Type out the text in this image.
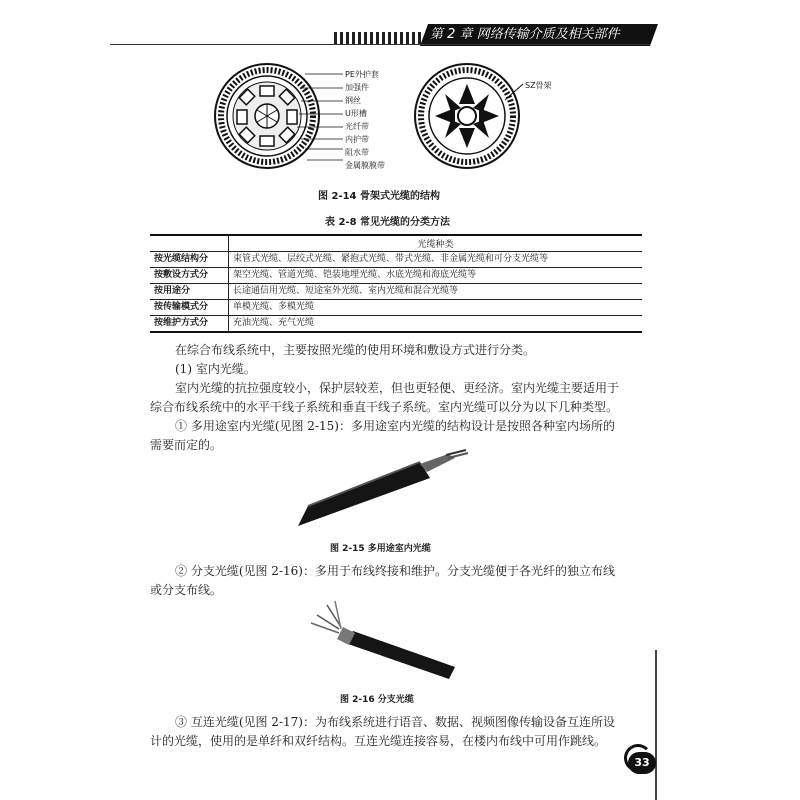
第 2 章 网络传输介质及相关部件
PE外护套
加强件
钢丝
U形槽
光纤带
内护带
阻水带
金属膜膜带
SZ骨架
图 2-14 骨架式光缆的结构
表 2-8 常见光缆的分类方法
	光缆种类
按光缆结构分	束管式光缆、层绞式光缆、紧抱式光缆、带式光缆、非金属光缆和可分支光缆等
按敷设方式分	架空光缆、管道光缆、铠装地埋光缆、水底光缆和海底光缆等
按用途分	长途通信用光缆、短途室外光缆、室内光缆和混合光缆等
按传输模式分	单模光缆、多模光缆
按维护方式分	充油光缆、充气光缆
在综合布线系统中，主要按照光缆的使用环境和敷设方式进行分类。
(1) 室内光缆。
室内光缆的抗拉强度较小，保护层较差，但也更轻便、更经济。室内光缆主要适用于
综合布线系统中的水平干线子系统和垂直干线子系统。室内光缆可以分为以下几种类型。
① 多用途室内光缆(见图 2-15)：多用途室内光缆的结构设计是按照各种室内场所的
需要而定的。
图 2-15 多用途室内光缆
② 分支光缆(见图 2-16)：多用于布线终接和维护。分支光缆便于各光纤的独立布线
或分支布线。
图 2-16 分支光缆
③ 互连光缆(见图 2-17)：为布线系统进行语音、数据、视频图像传输设备互连所设
计的光缆，使用的是单纤和双纤结构。互连光缆连接容易，在楼内布线中可用作跳线。
33
